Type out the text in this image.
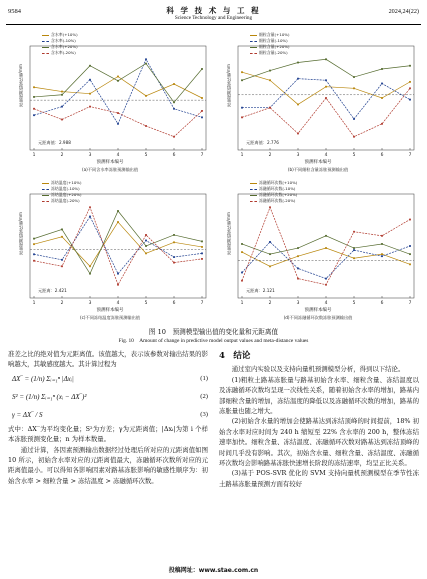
9584	科 学 技 术 与 工 程
Science Technology and Engineering
2024,24(22)
含水率(+10%)含水率(-10%)含水率(+20%)含水率(-20%)
1	2	3	4	5	6	7
冻胀预测值变化量/mm
元距离值：2.988
预测样本编号
(a)不同含水率冻胀预测输出值
细粒含量(+10%)细粒含量(-10%)细粒含量(+20%)细粒含量(-20%)
1	2	3	4	5	6	7
冻胀预测值变化量/mm
元距离值：2.776
预测样本编号
(b)不同细粒含量冻胀预测输出值
冻结温度(+10%)冻结温度(-10%)冻结温度(+20%)冻结温度(-20%)
1	2	3	4	5	6	7
冻胀预测值变化量/mm
元距离：2.421
预测样本编号
(c)不同冻结温度冻胀预测输出值
冻融循环次数(+10%)冻融循环次数(-10%)冻融循环次数(+20%)冻融循环次数(-20%)
1	2	3	4	5	6	7
冻胀预测值变化量/mm
元距离：2.121
预测样本编号
(d)不同冻融循环次数冻胀预测输出值
图 10　预测模型输出值的变化量和元距离值
Fig. 10　Amount of change in predictive model output values and meta-distance values

准差之比的绝对值为元距离值。该值越大，表示该参数对输出结果的影响越大，其敏感度越大。其计算过程为

ΔX‾ = (1/n) Σᵢ₌₁ⁿ |Δxᵢ|	(1)
S² = (1/n) Σᵢ₌₁ⁿ (xᵢ − ΔX‾)²	(2)
γ = ΔX‾ / S	(3)

式中：ΔX‾为平均变化量；S²为方差；γ为元距离值；|Δxᵢ|为第 i 个样本冻胀预测变化量；n 为样本数量。

通过计算，各因素预测输出数据经过处理后所对应的元距离值如图 10 所示，初始含水率对应的元距离值最大，冻融循环次数所对应的元距离值最小。可以得知各影响因素对路基冻胀影响的敏感性顺序为：初始含水率 > 细粒含量 > 冻结温度 > 冻融循环次数。

4　结论

通过室内实验以及支持向量机预测模型分析，得到以下结论。

(1)粗粒土路基冻胀量与路基初始含水率、细粒含量、冻结温度以及冻融循环次数均呈现一次线性关系，随着初始含水率的增加，路基内部细粒含量的增加，冻结温度的降低以及冻融循环次数的增加，路基的冻胀量也随之增大。

(2)初始含水量的增加会使路基达到冻结顶峰的时间提前，18% 初始含水率对应时间为 240 h 缩短至 22% 含水率的 200 h，整体冻结速率加快。细粒含量、冻结温度、冻融循环次数对路基达到冻结顶峰的时间几乎没有影响。其次，初始含水量、细粒含量、冻结温度、冻融循环次数均会影响路基冻胀快速增长阶段的冻结速率，均呈正比关系。

(3)基于 POS-SVR 优化的 SVM 支持向量机预测模型在季节性冻土路基冻胀量预测方面有较好

投稿网址：www.stae.com.cn
